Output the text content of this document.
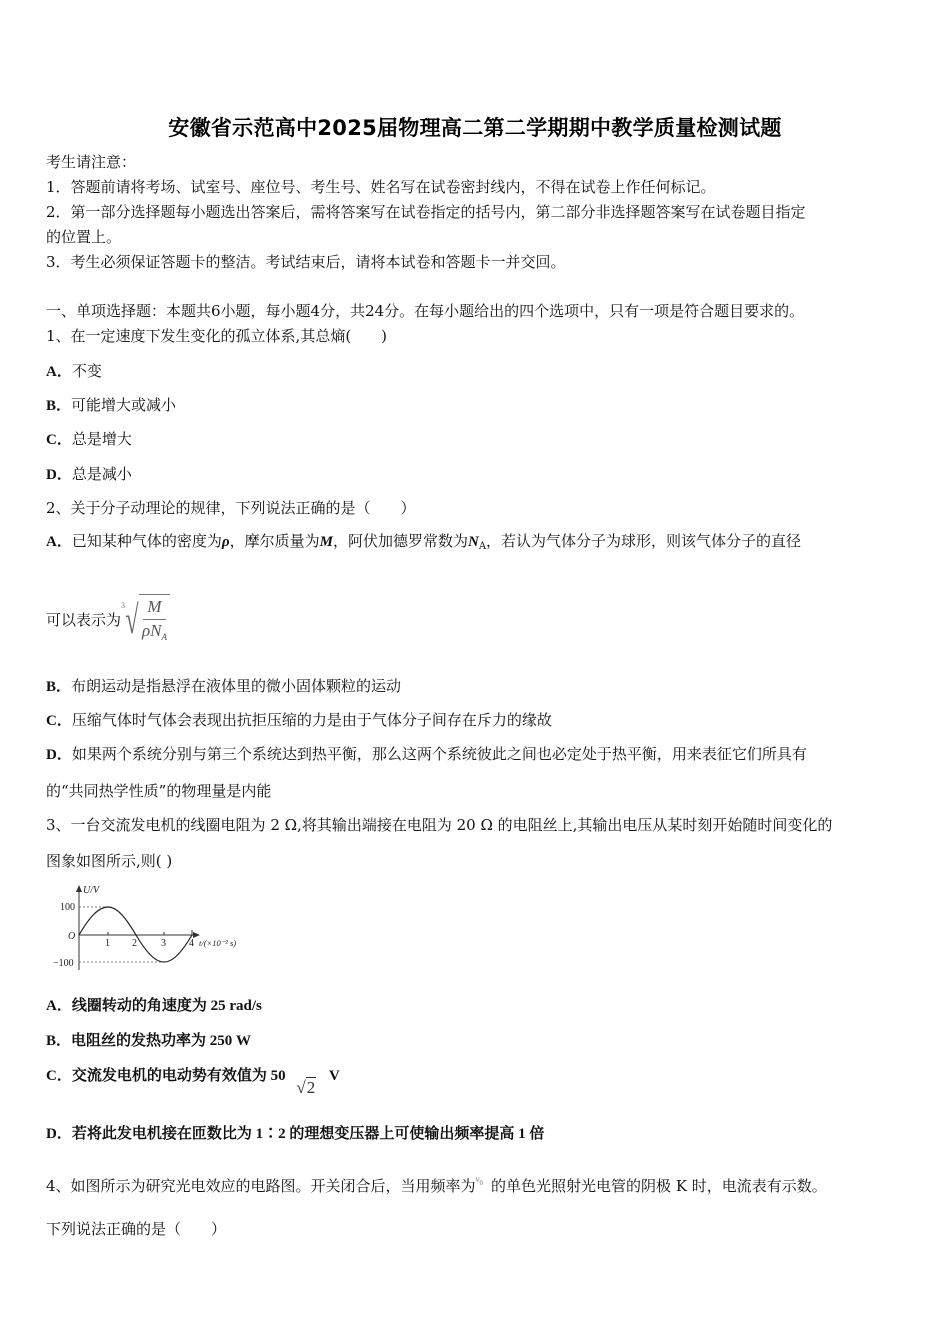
安徽省示范高中2025届物理高二第二学期期中教学质量检测试题
考生请注意：
1．答题前请将考场、试室号、座位号、考生号、姓名写在试卷密封线内，不得在试卷上作任何标记。
2．第一部分选择题每小题选出答案后，需将答案写在试卷指定的括号内，第二部分非选择题答案写在试卷题目指定
的位置上。
3．考生必须保证答题卡的整洁。考试结束后，请将本试卷和答题卡一并交回。
一、单项选择题：本题共6小题，每小题4分，共24分。在每小题给出的四个选项中，只有一项是符合题目要求的。
1、在一定速度下发生变化的孤立体系,其总熵(　　)
A．不变
B．可能增大或减小
C．总是增大
D．总是减小
2、关于分子动理论的规律，下列说法正确的是（　　）
A．已知某种气体的密度为ρ，摩尔质量为M，阿伏加德罗常数为$N_A$，若认为气体分子为球形，则该气体分子的直径
可以表示为
3 √ $\frac{M}{\rho N_A}$
B．布朗运动是指悬浮在液体里的微小固体颗粒的运动
C．压缩气体时气体会表现出抗拒压缩的力是由于气体分子间存在斥力的缘故
D．如果两个系统分别与第三个系统达到热平衡，那么这两个系统彼此之间也必定处于热平衡，用来表征它们所具有
的“共同热学性质”的物理量是内能
3、一台交流发电机的线圈电阻为 2 Ω,将其输出端接在电阻为 20 Ω 的电阻丝上,其输出电压从某时刻开始随时间变化的
图象如图所示,则( )
U/V
100
O
−100
1 2 3 4 t/(×10⁻² s)
A．线圈转动的角速度为 25 rad/s
B．电阻丝的发热功率为 250 W
C．交流发电机的电动势有效值为 50 √2 V
D．若将此发电机接在匝数比为 1∶2 的理想变压器上可使输出频率提高 1 倍
4、如图所示为研究光电效应的电路图。开关闭合后，当用频率为$^{\nu_0}$ 的单色光照射光电管的阴极 K 时，电流表有示数。
下列说法正确的是（　　）
